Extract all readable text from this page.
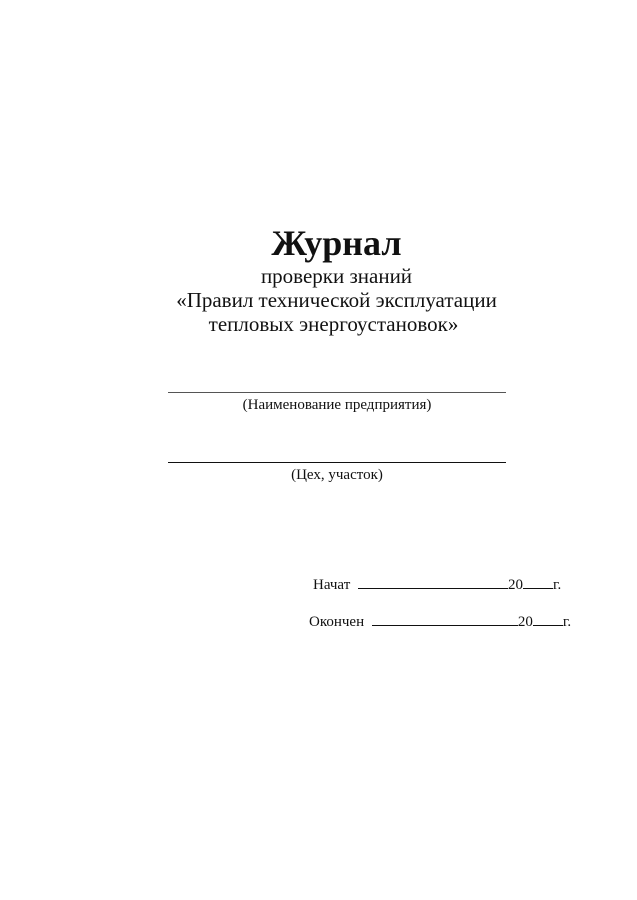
Журнал
проверки знаний
«Правил технической эксплуатации
тепловых энергоустановок»
(Наименование предприятия)
(Цех, участок)
Начат	20 г.
Окончен	20 г.
